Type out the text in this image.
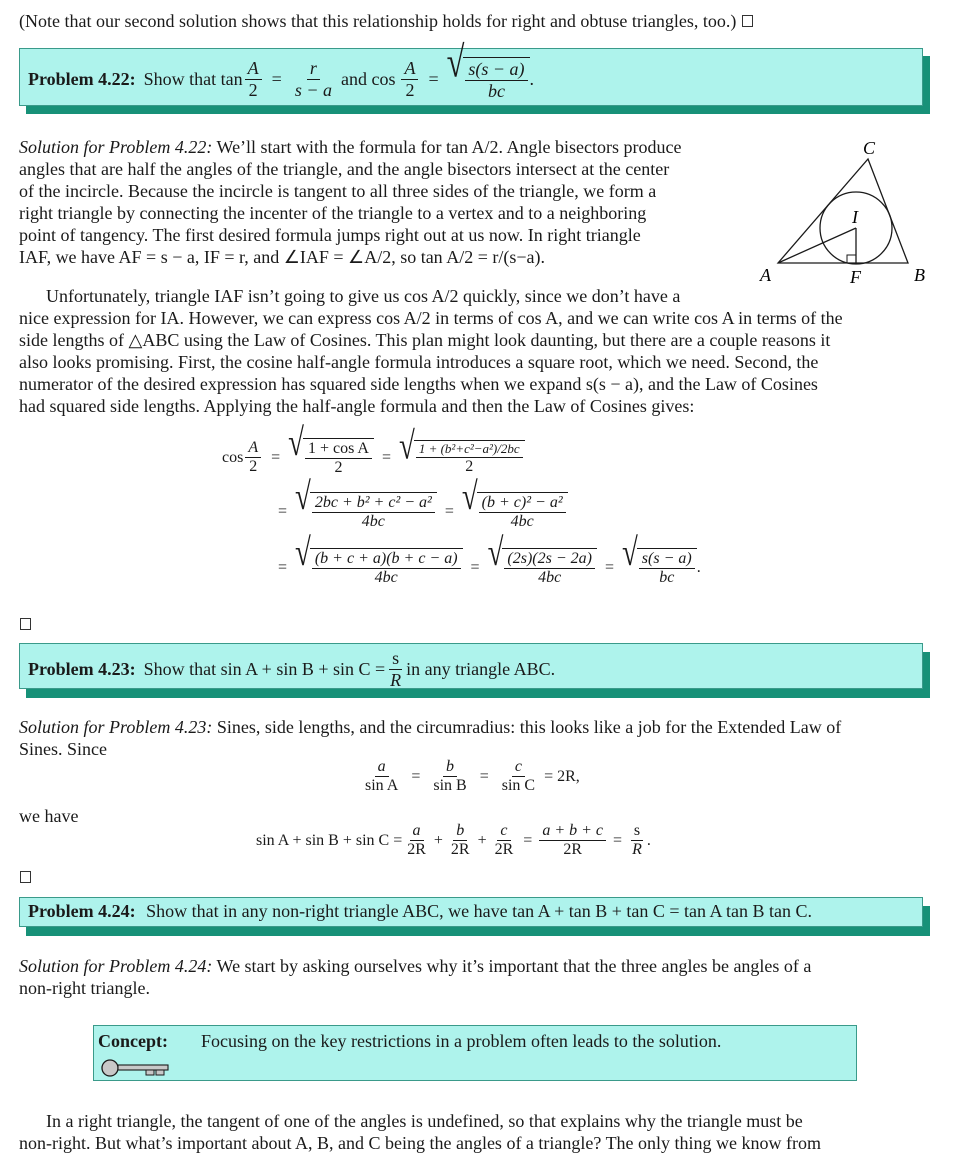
(Note that our second solution shows that this relationship holds for right and obtuse triangles, too.)
Problem 4.22: Show that $\tan \frac{A}{2} = \frac{r}{s - a}$ and $\cos \frac{A}{2}$ = √ $\frac{s(s - a)}{bc}$ .
Solution for Problem 4.22: We’ll start with the formula for tan A/2. Angle bisectors produce
angles that are half the angles of the triangle, and the angle bisectors intersect at the center
of the incircle. Because the incircle is tangent to all three sides of the triangle, we form a
right triangle by connecting the incenter of the triangle to a vertex and to a neighboring
point of tangency. The first desired formula jumps right out at us now. In right triangle
IAF, we have AF = s − a, IF = r, and ∠IAF = ∠A/2, so tan A/2 = r/(s−a).
C
I
A	F	B
Unfortunately, triangle IAF isn’t going to give us cos A/2 quickly, since we don’t have a
nice expression for IA. However, we can express cos A/2 in terms of cos A, and we can write cos A in terms of the
side lengths of △ABC using the Law of Cosines. This plan might look daunting, but there are a couple reasons it
also looks promising. First, the cosine half-angle formula introduces a square root, which we need. Second, the
numerator of the desired expression has squared side lengths when we expand s(s − a), and the Law of Cosines
had squared side lengths. Applying the half-angle formula and then the Law of Cosines gives:
$\cos \frac{A}{2}$ = √ $\frac{\text{1 + cos A}}{2}$ = √ $\frac{\text{1 + (b²+c²−a²)/2bc}}{2}$
= √ $\frac{\text{2bc + b² + c² − a²}}{4bc}$ = √ $\frac{\text{(b + c)² − a²}}{4bc}$
= √ $\frac{(b + c + a)(b + c - a)}{4bc}$ = √ $\frac{(2s)(2s - 2a)}{4bc}$ = √ $\frac{s(s - a)}{bc}$ .
Problem 4.23: Show that $\sin A + \sin B + \sin C = \frac{s}{R}$ in any triangle ABC.
Solution for Problem 4.23: Sines, side lengths, and the circumradius: this looks like a job for the Extended Law of
Sines. Since
$\frac{a}{\text{sin A}} = \frac{b}{\text{sin B}} = \frac{c}{\text{sin C}} = 2R$,
we have
$\sin A + \sin B + \sin C = \frac{a}{2R} + \frac{b}{2R} + \frac{c}{2R} = \frac{a + b + c}{2R} = \frac{s}{R}$ .
Problem 4.24: Show that in any non-right triangle ABC, we have tan A + tan B + tan C = tan A tan B tan C.
Solution for Problem 4.24: We start by asking ourselves why it’s important that the three angles be angles of a
non-right triangle.
Concept: Focusing on the key restrictions in a problem often leads to the solution.
In a right triangle, the tangent of one of the angles is undefined, so that explains why the triangle must be
non-right. But what’s important about A, B, and C being the angles of a triangle? The only thing we know from
